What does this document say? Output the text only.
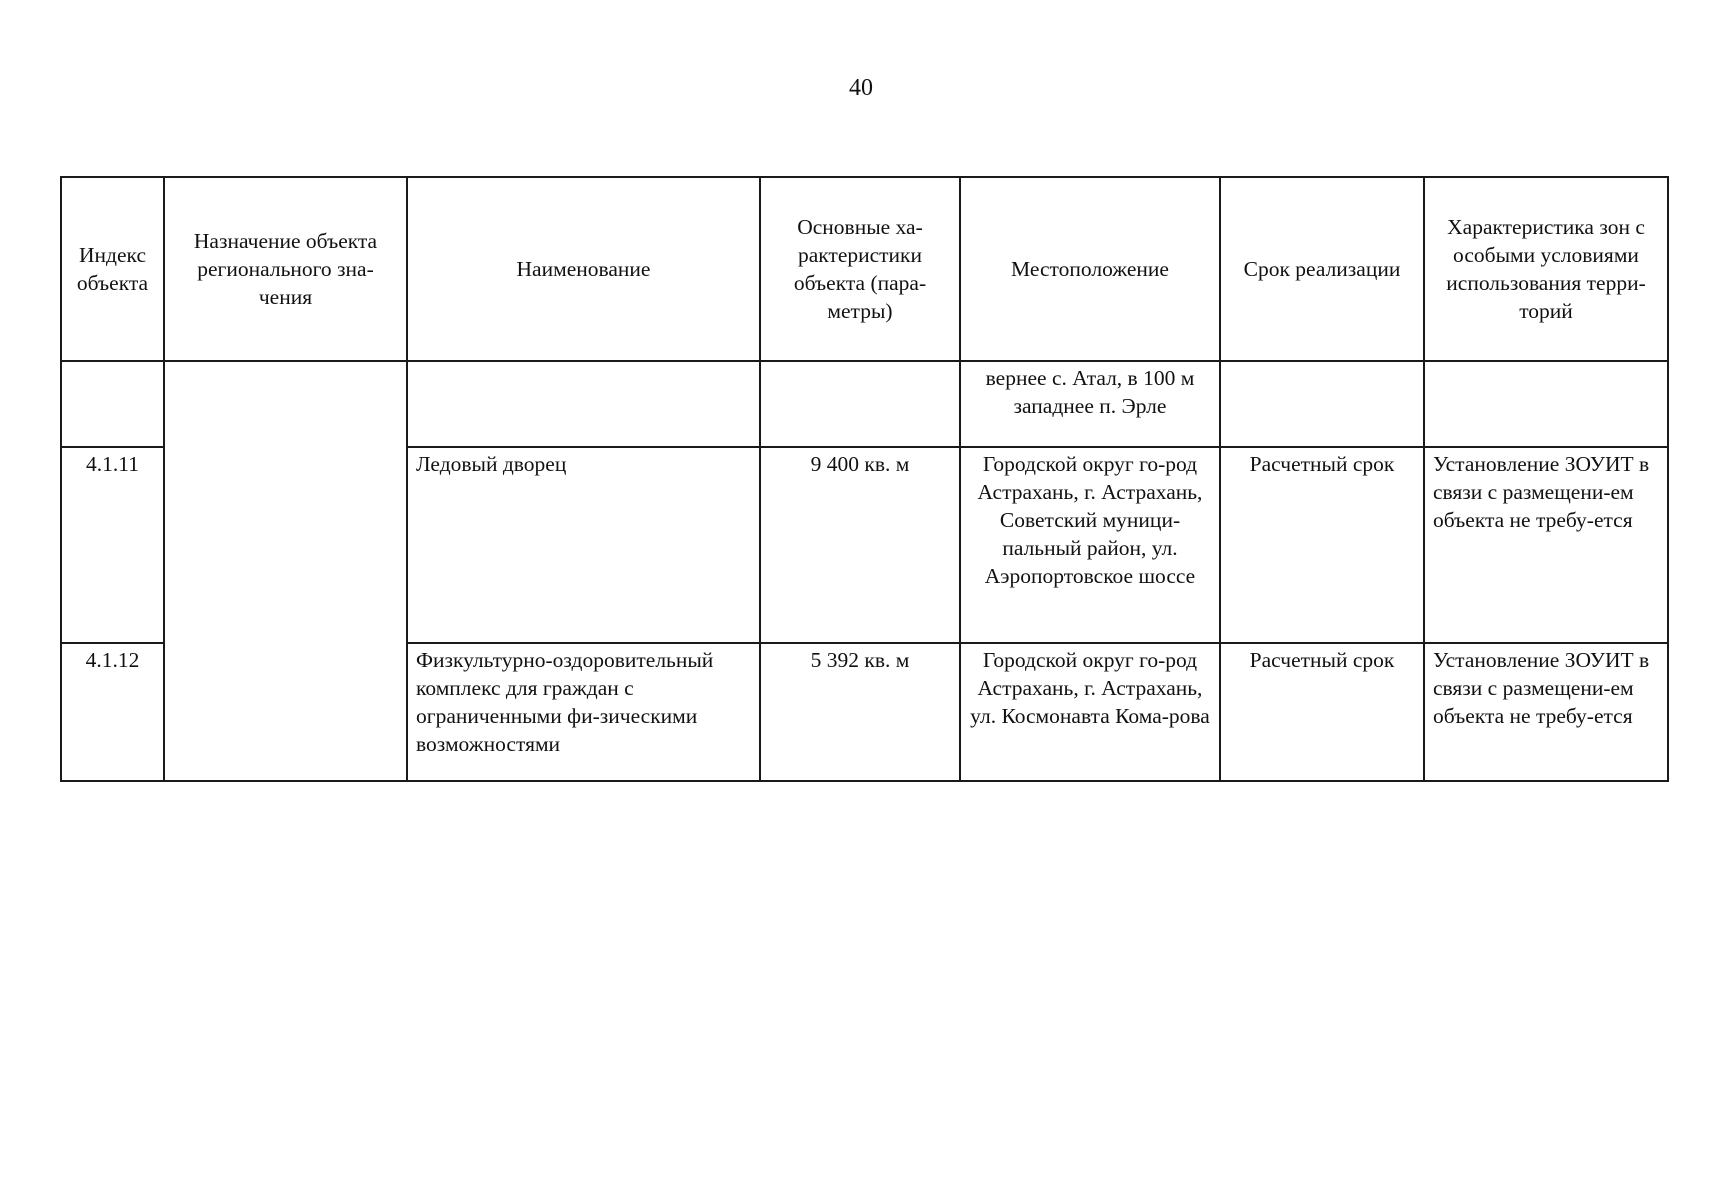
40
Индекс объекта	Назначение объекта регионального зна-чения	Наименование	Основные ха-рактеристики объекта (пара-метры)	Местоположение	Срок реализации	Характеристика зон с особыми условиями использования терри-торий
				вернее с. Атал, в 100 м западнее п. Эрле		
4.1.11		Ледовый дворец	9 400 кв. м	Городской округ го-род Астрахань, г. Астрахань, Советский муници-пальный район, ул. Аэропортовское шоссе	Расчетный срок	Установление ЗОУИТ в связи с размещени-ем объекта не требу-ется
4.1.12		Физкультурно-оздоровительный комплекс для граждан с ограниченными фи-зическими возможностями	5 392 кв. м	Городской округ го-род Астрахань, г. Астрахань, ул. Космонавта Кома-рова	Расчетный срок	Установление ЗОУИТ в связи с размещени-ем объекта не требу-ется
